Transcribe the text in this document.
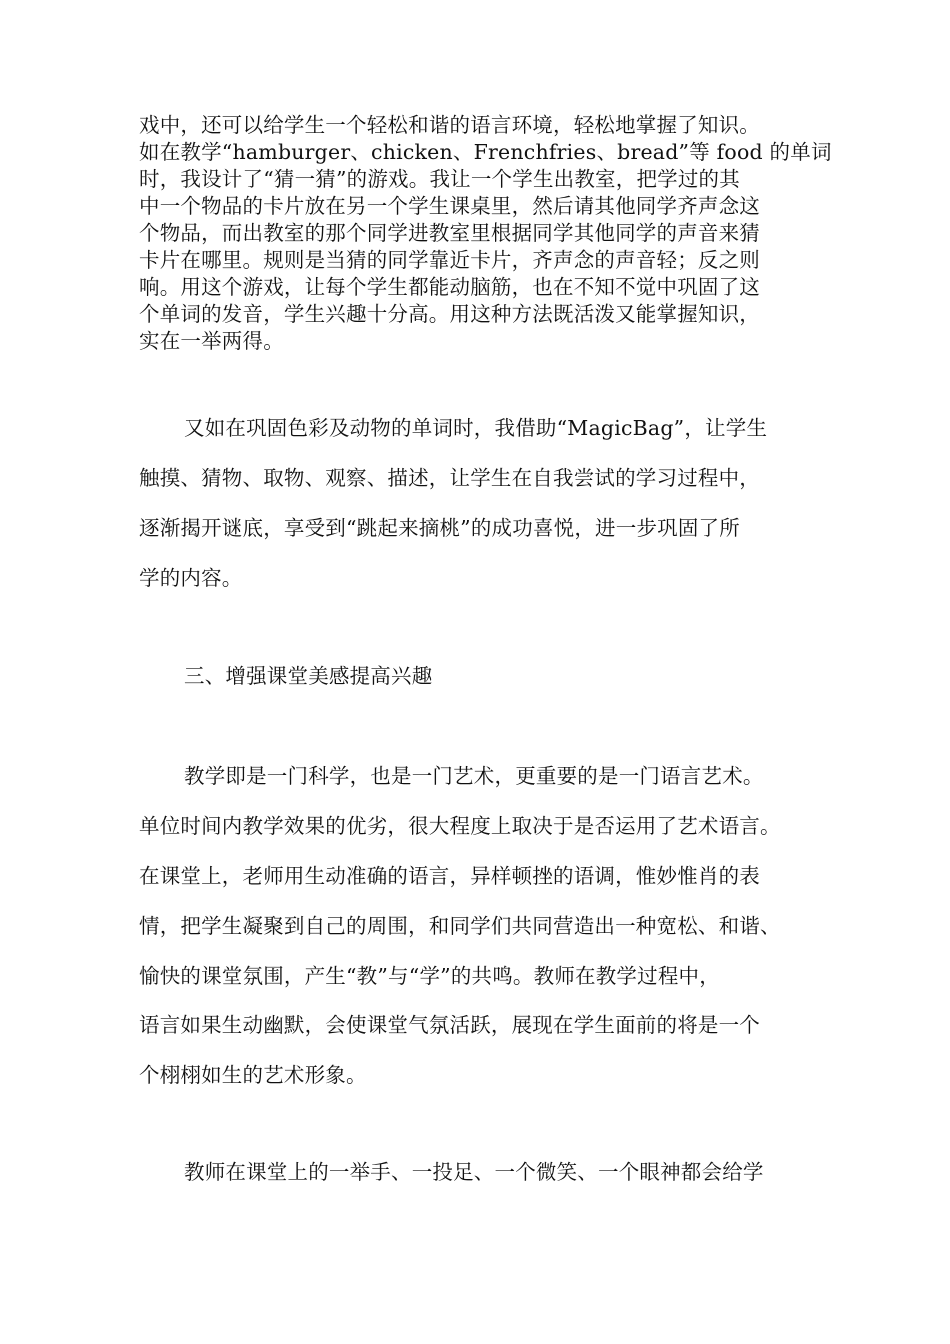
戏中，还可以给学生一个轻松和谐的语言环境，轻松地掌握了知识。
如在教学“hamburger、chicken、Frenchfries、bread”等 food 的单词
时，我设计了“猜一猜”的游戏。我让一个学生出教室，把学过的其
中一个物品的卡片放在另一个学生课桌里，然后请其他同学齐声念这
个物品，而出教室的那个同学进教室里根据同学其他同学的声音来猜
卡片在哪里。规则是当猜的同学靠近卡片，齐声念的声音轻；反之则
响。用这个游戏，让每个学生都能动脑筋，也在不知不觉中巩固了这
个单词的发音，学生兴趣十分高。用这种方法既活泼又能掌握知识，
实在一举两得。
又如在巩固色彩及动物的单词时，我借助“MagicBag”，让学生
触摸、猜物、取物、观察、描述，让学生在自我尝试的学习过程中，
逐渐揭开谜底，享受到“跳起来摘桃”的成功喜悦，进一步巩固了所
学的内容。
三、增强课堂美感提高兴趣
教学即是一门科学，也是一门艺术，更重要的是一门语言艺术。
单位时间内教学效果的优劣，很大程度上取决于是否运用了艺术语言。
在课堂上，老师用生动准确的语言，异样顿挫的语调，惟妙惟肖的表
情，把学生凝聚到自己的周围，和同学们共同营造出一种宽松、和谐、
愉快的课堂氛围，产生“教”与“学”的共鸣。教师在教学过程中，
语言如果生动幽默，会使课堂气氛活跃，展现在学生面前的将是一个
个栩栩如生的艺术形象。
教师在课堂上的一举手、一投足、一个微笑、一个眼神都会给学
